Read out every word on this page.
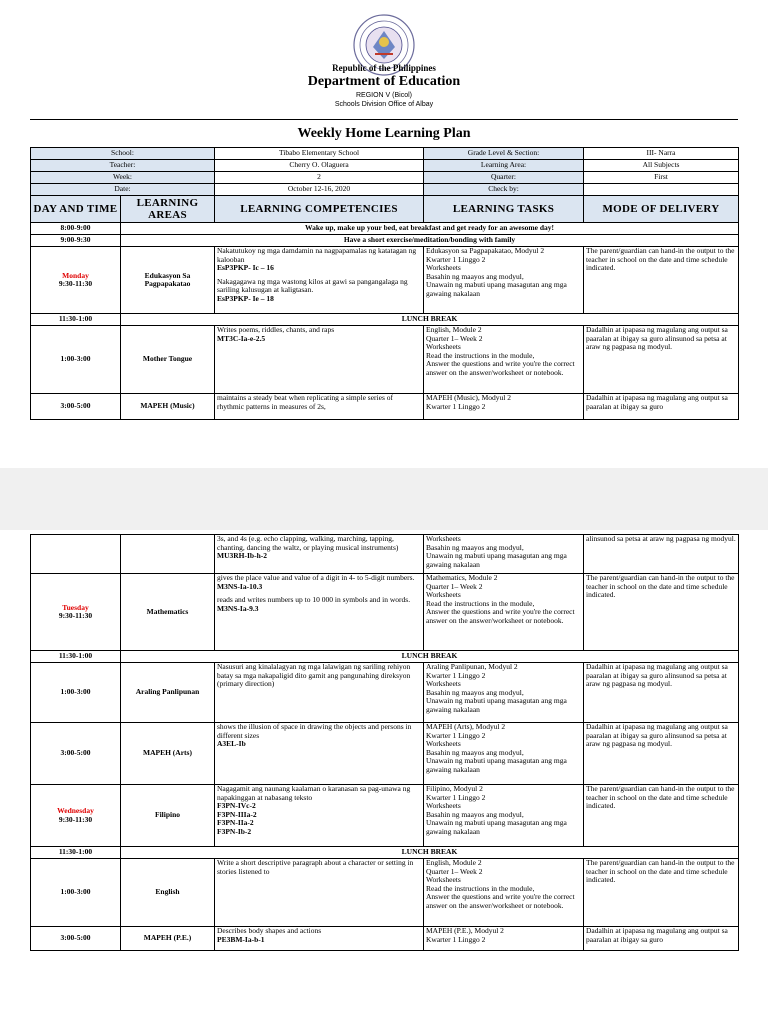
Republic of the Philippines
Department of Education
REGION V (Bicol)
Schools Division Office of Albay
Weekly Home Learning Plan
School:		Tibabo Elementary School	Grade Level & Section:	III- Narra
Teacher:		Cherry O. Olaguera	Learning Area:	All Subjects
Week:		2	Quarter:	First
Date:		October 12-16, 2020	Check by:	
DAY AND TIME	LEARNING AREAS	LEARNING COMPETENCIES	LEARNING TASKS	MODE OF DELIVERY
8:00-9:00	Wake up, make up your bed, eat breakfast and get ready for an awesome day!			
9:00-9:30	Have a short exercise/meditation/bonding with family			

Monday
9:30-11:30	Edukasyon Sa Pagpapakatao	Nakatutukoy ng mga damdamin na nagpapamalas ng katatagan ng kalooban
EsP3PKP- Ic – 16
Nakagagawa ng mga wastong kilos at gawi sa pangangalaga ng sariling kalusugan at kaligtasan.
EsP3PKP- Ie – 18	Edukasyon sa Pagpapakatao, Modyul 2
Kwarter 1 Linggo 2
Worksheets
Basahin ng maayos ang modyul,
Unawain ng mabuti upang masagutan ang mga gawaing nakalaan	The parent/guardian can hand-in the output to the teacher in school on the date and time schedule indicated.
11:30-1:00	LUNCH BREAK			
1:00-3:00	Mother Tongue	Writes poems, riddles, chants, and raps
MT3C-Ia-e-2.5	English, Module 2
Quarter 1– Week 2
Worksheets
Read the instructions in the module,
Answer the questions and write you're the correct answer on the answer/worksheet or notebook.	Dadalhin at ipapasa ng magulang ang output sa paaralan at ibigay sa guro alinsunod sa petsa at araw ng pagpasa ng modyul.
3:00-5:00	MAPEH (Music)	maintains a steady beat when replicating a simple series of rhythmic patterns in measures of 2s,	MAPEH (Music), Modyul 2
Kwarter 1 Linggo 2	Dadalhin at ipapasa ng magulang ang output sa paaralan at ibigay sa guro

		3s, and 4s (e.g. echo clapping, walking, marching, tapping, chanting, dancing the waltz, or playing musical instruments)
MU3RH-Ib-h-2	Worksheets
Basahin ng maayos ang modyul,
Unawain ng mabuti upang masagutan ang mga gawaing nakalaan	alinsunod sa petsa at araw ng pagpasa ng modyul.

Tuesday
9:30-11:30	Mathematics	gives the place value and value of a digit in 4- to 5-digit numbers.
M3NS-Ia-10.3
reads and writes numbers up to 10 000 in symbols and in words.
M3NS-Ia-9.3	Mathematics, Module 2
Quarter 1– Week 2
Worksheets
Read the instructions in the module,
Answer the questions and write you're the correct answer on the answer/worksheet or notebook.	The parent/guardian can hand-in the output to the teacher in school on the date and time schedule indicated.
11:30-1:00	LUNCH BREAK			
1:00-3:00	Araling Panlipunan	Nasusuri ang kinalalagyan ng mga lalawigan ng sariling rehiyon batay sa mga nakapaligid dito gamit ang pangunahing direksyon (primary direction)	Araling Panlipunan, Modyul 2
Kwarter 1 Linggo 2
Worksheets
Basahin ng maayos ang modyul,
Unawain ng mabuti upang masagutan ang mga gawaing nakalaan	Dadalhin at ipapasa ng magulang ang output sa paaralan at ibigay sa guro alinsunod sa petsa at araw ng pagpasa ng modyul.
3:00-5:00	MAPEH (Arts)	shows the illusion of space in drawing the objects and persons in different sizes
A3EL-Ib	MAPEH (Arts), Modyul 2
Kwarter 1 Linggo 2
Worksheets
Basahin ng maayos ang modyul,
Unawain ng mabuti upang masagutan ang mga gawaing nakalaan	Dadalhin at ipapasa ng magulang ang output sa paaralan at ibigay sa guro alinsunod sa petsa at araw ng pagpasa ng modyul.

Wednesday
9:30-11:30	Filipino	Nagagamit ang naunang kaalaman o karanasan sa pag-unawa ng napakinggan at nabasang teksto
F3PN-IVc-2
F3PN-IIIa-2
F3PN-IIa-2
F3PN-Ib-2	Filipino, Modyul 2
Kwarter 1 Linggo 2
Worksheets
Basahin ng maayos ang modyul,
Unawain ng mabuti upang masagutan ang mga gawaing nakalaan	The parent/guardian can hand-in the output to the teacher in school on the date and time schedule indicated.
11:30-1:00	LUNCH BREAK			
1:00-3:00	English	Write a short descriptive paragraph about a character or setting in stories listened to	English, Module 2
Quarter 1– Week 2
Worksheets
Read the instructions in the module,
Answer the questions and write you're the correct answer on the answer/worksheet or notebook.	The parent/guardian can hand-in the output to the teacher in school on the date and time schedule indicated.
3:00-5:00	MAPEH (P.E.)	Describes body shapes and actions
PE3BM-Ia-b-1	MAPEH (P.E.), Modyul 2
Kwarter 1 Linggo 2	Dadalhin at ipapasa ng magulang ang output sa paaralan at ibigay sa guro
